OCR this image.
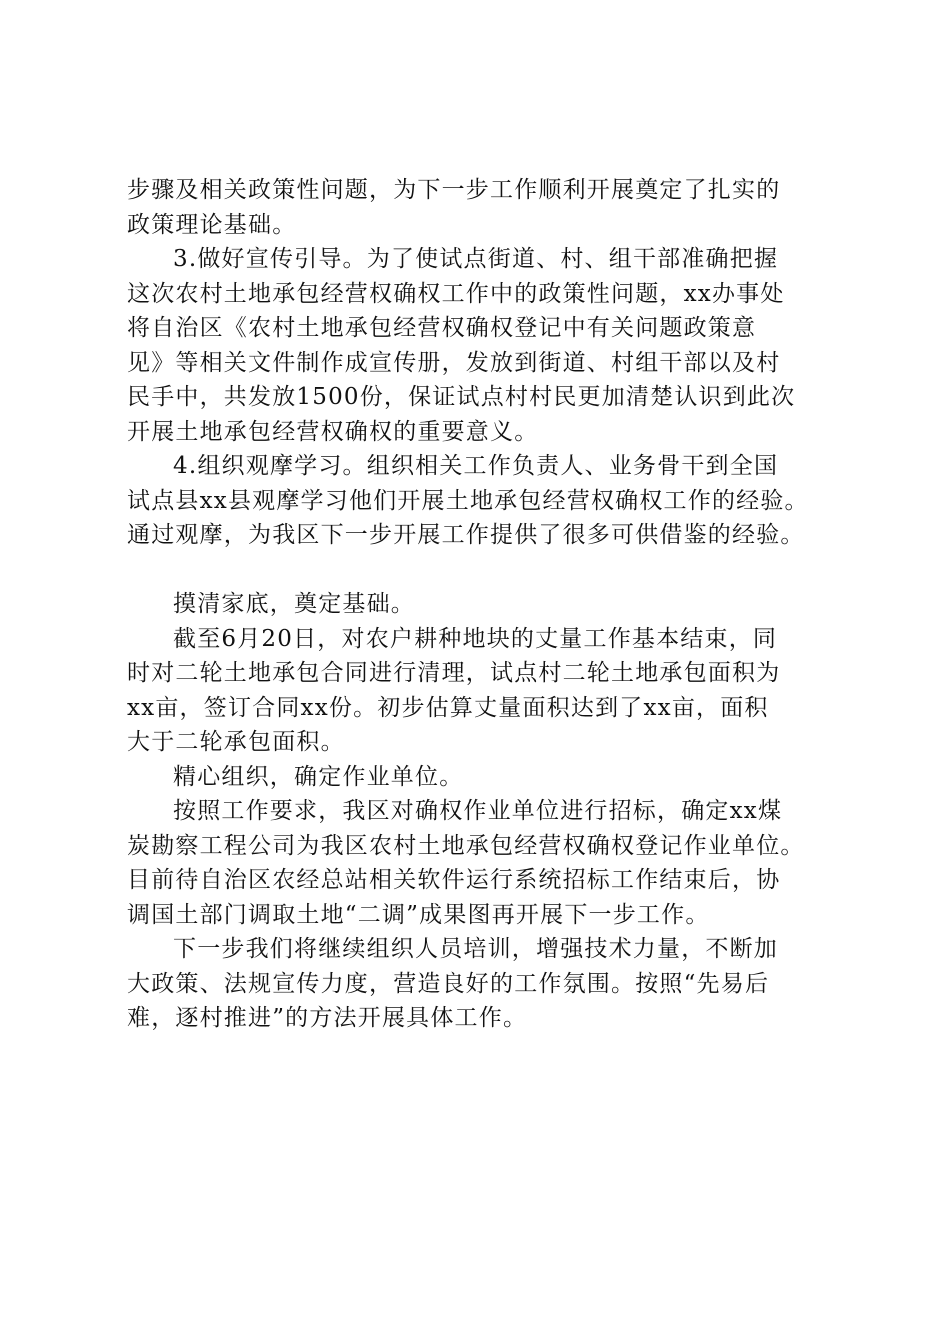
步骤及相关政策性问题，为下一步工作顺利开展奠定了扎实的
政策理论基础。
3.做好宣传引导。为了使试点街道、村、组干部准确把握
这次农村土地承包经营权确权工作中的政策性问题，xx办事处
将自治区《农村土地承包经营权确权登记中有关问题政策意
见》等相关文件制作成宣传册，发放到街道、村组干部以及村
民手中，共发放1500份，保证试点村村民更加清楚认识到此次
开展土地承包经营权确权的重要意义。
4.组织观摩学习。组织相关工作负责人、业务骨干到全国
试点县xx县观摩学习他们开展土地承包经营权确权工作的经验。
通过观摩，为我区下一步开展工作提供了很多可供借鉴的经验。
摸清家底，奠定基础。
截至6月20日，对农户耕种地块的丈量工作基本结束，同
时对二轮土地承包合同进行清理，试点村二轮土地承包面积为
xx亩，签订合同xx份。初步估算丈量面积达到了xx亩，面积
大于二轮承包面积。
精心组织，确定作业单位。
按照工作要求，我区对确权作业单位进行招标，确定xx煤
炭勘察工程公司为我区农村土地承包经营权确权登记作业单位。
目前待自治区农经总站相关软件运行系统招标工作结束后，协
调国土部门调取土地“二调”成果图再开展下一步工作。
下一步我们将继续组织人员培训，增强技术力量，不断加
大政策、法规宣传力度，营造良好的工作氛围。按照“先易后
难，逐村推进”的方法开展具体工作。
